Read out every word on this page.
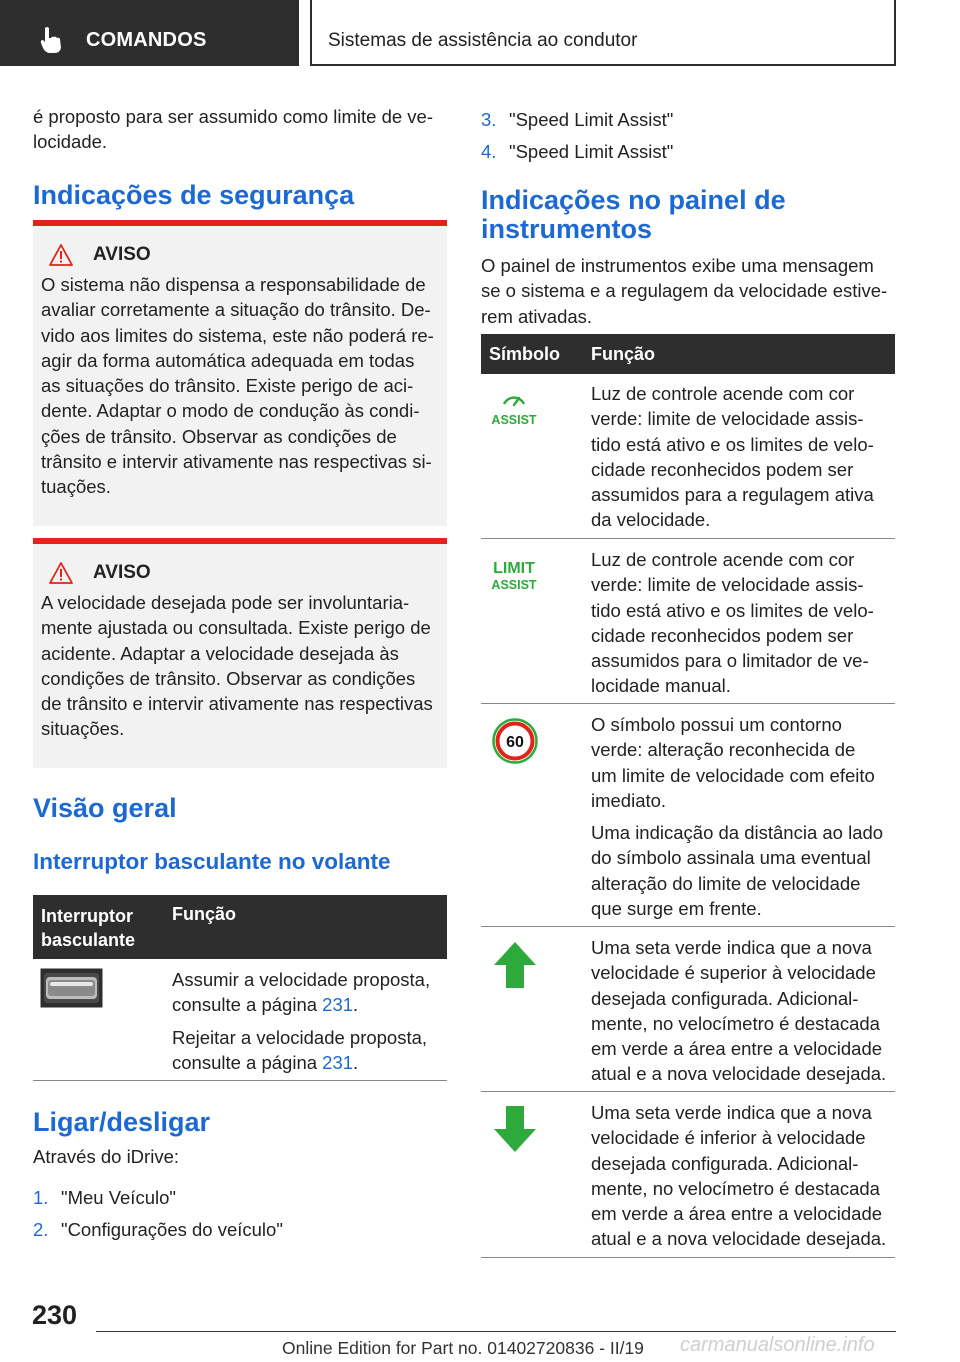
COMANDOS	Sistemas de assistência ao condutor
é proposto para ser assumido como limite de ve-
locidade.
Indicações de segurança
AVISO
O sistema não dispensa a responsabilidade de
avaliar corretamente a situação do trânsito. De-
vido aos limites do sistema, este não poderá re-
agir da forma automática adequada em todas
as situações do trânsito. Existe perigo de aci-
dente. Adaptar o modo de condução às condi-
ções de trânsito. Observar as condições de
trânsito e intervir ativamente nas respectivas si-
tuações.
AVISO
A velocidade desejada pode ser involuntaria-
mente ajustada ou consultada. Existe perigo de
acidente. Adaptar a velocidade desejada às
condições de trânsito. Observar as condições
de trânsito e intervir ativamente nas respectivas
situações.
Visão geral
Interruptor basculante no volante
Interruptor
basculante
Função
Assumir a velocidade proposta,
consulte a página 231.
Rejeitar a velocidade proposta,
consulte a página 231.
Ligar/desligar
Através do iDrive:
1. "Meu Veículo"
2. "Configurações do veículo"
3. "Speed Limit Assist"
4. "Speed Limit Assist"
Indicações no painel de
instrumentos
O painel de instrumentos exibe uma mensagem
se o sistema e a regulagem da velocidade estive-
rem ativadas.
Símbolo Função
ASSIST
Luz de controle acende com cor
verde: limite de velocidade assis-
tido está ativo e os limites de velo-
cidade reconhecidos podem ser
assumidos para a regulagem ativa
da velocidade.
LIMIT
ASSIST
Luz de controle acende com cor
verde: limite de velocidade assis-
tido está ativo e os limites de velo-
cidade reconhecidos podem ser
assumidos para o limitador de ve-
locidade manual.
60
O símbolo possui um contorno
verde: alteração reconhecida de
um limite de velocidade com efeito
imediato.
Uma indicação da distância ao lado
do símbolo assinala uma eventual
alteração do limite de velocidade
que surge em frente.
Uma seta verde indica que a nova
velocidade é superior à velocidade
desejada configurada. Adicional-
mente, no velocímetro é destacada
em verde a área entre a velocidade
atual e a nova velocidade desejada.
Uma seta verde indica que a nova
velocidade é inferior à velocidade
desejada configurada. Adicional-
mente, no velocímetro é destacada
em verde a área entre a velocidade
atual e a nova velocidade desejada.
230
carmanualsonline.info
Online Edition for Part no. 01402720836 - II/19
